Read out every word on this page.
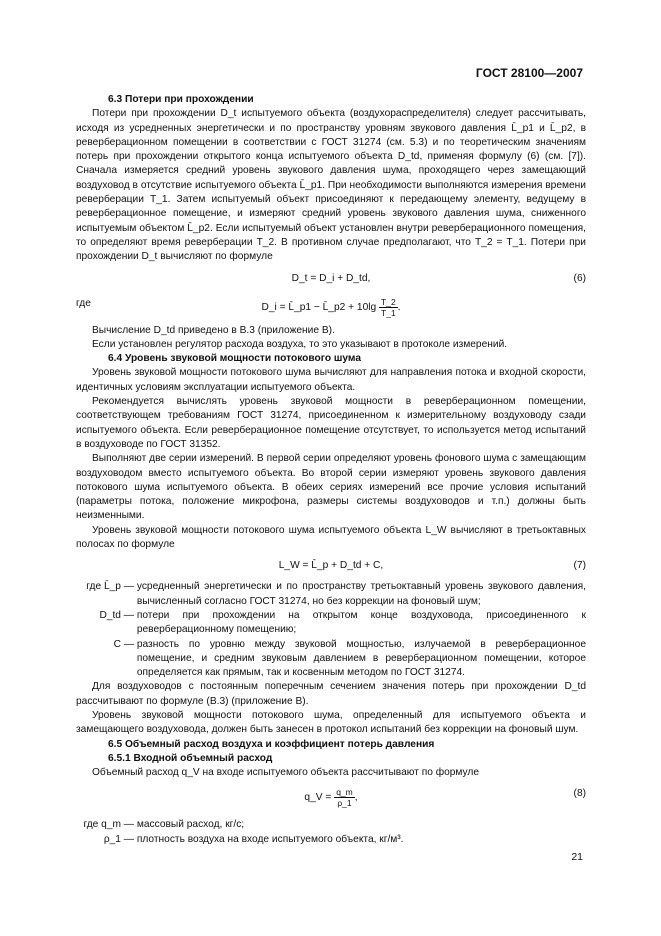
ГОСТ 28100—2007

6.3 Потери при прохождении

Потери при прохождении D_t испытуемого объекта (воздухораспределителя) следует рассчитывать, исходя из усредненных энергетически и по пространству уровням звукового давления L̄_p1 и L̄_p2, в реверберационном помещении в соответствии с ГОСТ 31274 (см. 5.3) и по теоретическим значениям потерь при прохождении открытого конца испытуемого объекта D_td, применяя формулу (6) (см. [7]). Сначала измеряется средний уровень звукового давления шума, проходящего через замещающий воздуховод в отсутствие испытуемого объекта L̄_p1. При необходимости выполняются измерения времени реверберации T_1. Затем испытуемый объект присоединяют к передающему элементу, ведущему в реверберационное помещение, и измеряют средний уровень звукового давления шума, сниженного испытуемым объектом L̄_p2. Если испытуемый объект установлен внутри реверберационного помещения, то определяют время реверберации T_2. В противном случае предполагают, что T_2 = T_1. Потери при прохождении D_t вычисляют по формуле

D_t = D_i + D_td,	(6)
где	D_i = L̄_p1 − L̄_p2 + $10\lg \frac{T\_2}{T\_1}$ .

Вычисление D_td приведено в B.3 (приложение B).

Если установлен регулятор расхода воздуха, то это указывают в протоколе измерений.

6.4 Уровень звуковой мощности потокового шума

Уровень звуковой мощности потокового шума вычисляют для направления потока и входной скорости, идентичных условиям эксплуатации испытуемого объекта.

Рекомендуется вычислять уровень звуковой мощности в реверберационном помещении, соответствующем требованиям ГОСТ 31274, присоединенном к измерительному воздуховоду сзади испытуемого объекта. Если реверберационное помещение отсутствует, то используется метод испытаний в воздуховоде по ГОСТ 31352.

Выполняют две серии измерений. В первой серии определяют уровень фонового шума с замещающим воздуховодом вместо испытуемого объекта. Во второй серии измеряют уровень звукового давления потокового шума испытуемого объекта. В обеих сериях измерений все прочие условия испытаний (параметры потока, положение микрофона, размеры системы воздуховодов и т.п.) должны быть неизменными.

Уровень звуковой мощности потокового шума испытуемого объекта L_W вычисляют в третьоктавных полосах по формуле

L_W = L̄_p + D_td + C,	(7)
где L̄_p —
усредненный энергетически и по пространству третьоктавный уровень звукового давления, вычисленный согласно ГОСТ 31274, но без коррекции на фоновый шум;
D_td —
потери при прохождении на открытом конце воздуховода, присоединенного к реверберационному помещению;
C —
разность по уровню между звуковой мощностью, излучаемой в реверберационное помещение, и средним звуковым давлением в реверберационном помещении, которое определяется как прямым, так и косвенным методом по ГОСТ 31274.

Для воздуховодов с постоянным поперечным сечением значения потерь при прохождении D_td рассчитывают по формуле (B.3) (приложение B).

Уровень звуковой мощности потокового шума, определенный для испытуемого объекта и замещающего воздуховода, должен быть занесен в протокол испытаний без коррекции на фоновый шум.

6.5 Объемный расход воздуха и коэффициент потерь давления

6.5.1 Входной объемный расход

Объемный расход q_V на входе испытуемого объекта рассчитывают по формуле

q_V = $\frac{q\_m}{\rho\_1}$ ,	(8)
где q_m —
массовый расход, кг/с;
ρ_1 —
плотность воздуха на входе испытуемого объекта, кг/м³.
21
